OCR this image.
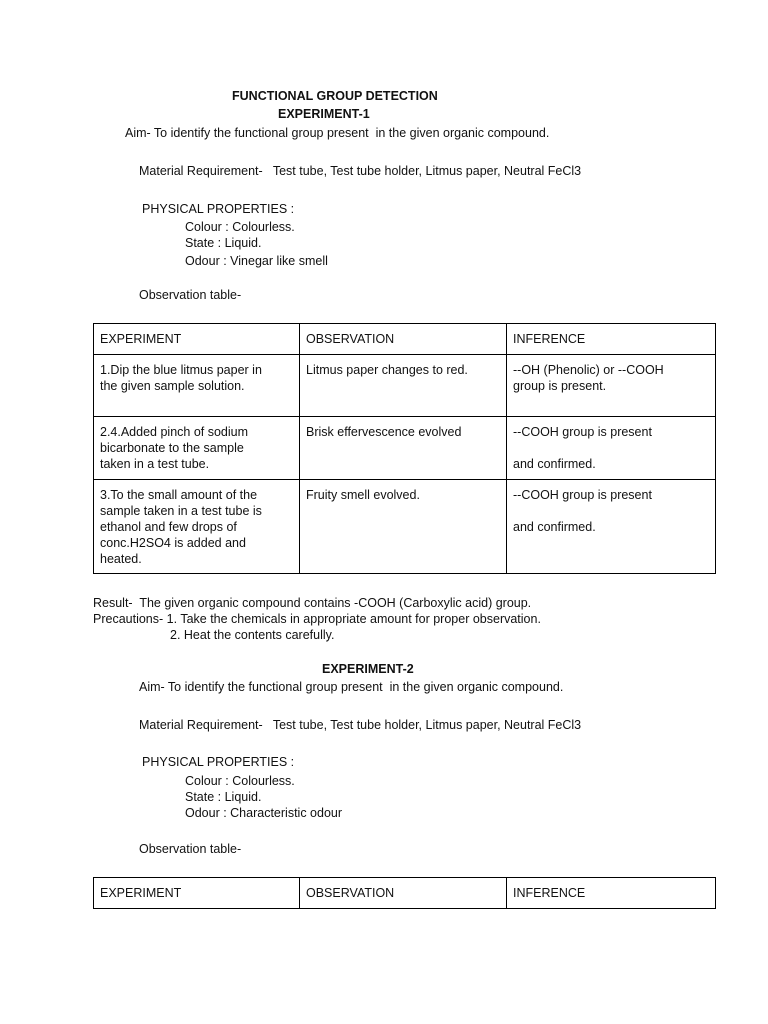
FUNCTIONAL GROUP DETECTION
EXPERIMENT-1
Aim- To identify the functional group present  in the given organic compound.
Material Requirement-   Test tube, Test tube holder, Litmus paper, Neutral FeCl3
PHYSICAL PROPERTIES :
Colour : Colourless.
State : Liquid.
Odour : Vinegar like smell
Observation table-
EXPERIMENT	OBSERVATION	INFERENCE

1.Dip the blue litmus paper in
the given sample solution.	Litmus paper changes to red.	--OH (Phenolic) or --COOH
group is present.

2.4.Added pinch of sodium
bicarbonate to the sample
taken in a test tube.	Brisk effervescence evolved	--COOH group is present
and confirmed.

3.To the small amount of the
sample taken in a test tube is
ethanol and few drops of
conc.H2SO4 is added and
heated.	Fruity smell evolved.	--COOH group is present
and confirmed.
Result-  The given organic compound contains -COOH (Carboxylic acid) group.
Precautions- 1. Take the chemicals in appropriate amount for proper observation.
2. Heat the contents carefully.
EXPERIMENT-2
Aim- To identify the functional group present  in the given organic compound.
Material Requirement-   Test tube, Test tube holder, Litmus paper, Neutral FeCl3
PHYSICAL PROPERTIES :
Colour : Colourless.
State : Liquid.
Odour : Characteristic odour
Observation table-
EXPERIMENT	OBSERVATION	INFERENCE
